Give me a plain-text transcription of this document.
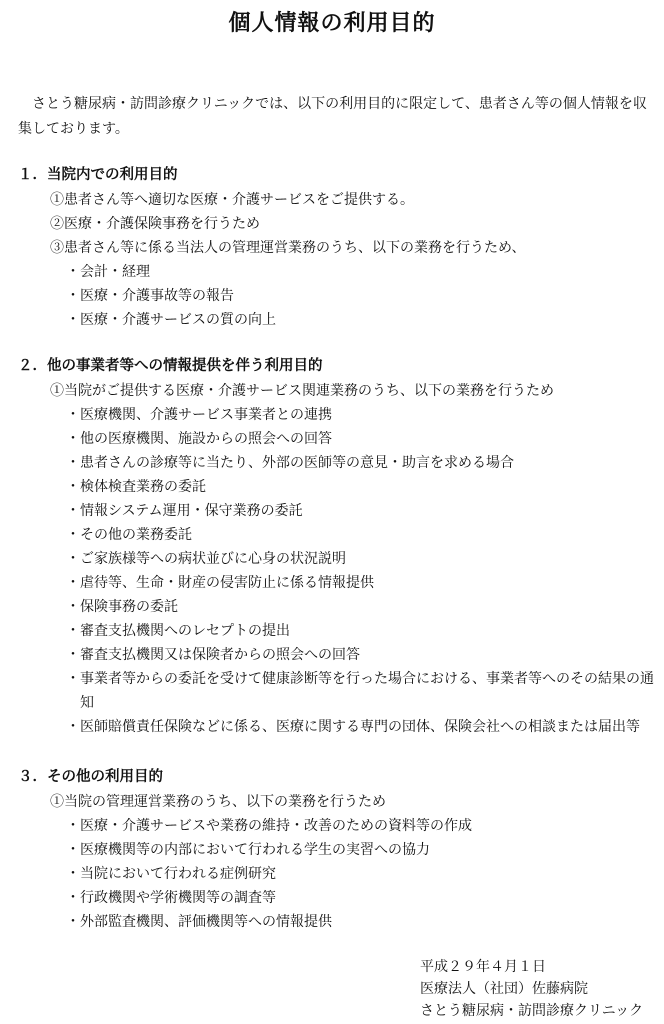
個人情報の利用目的
さとう糖尿病・訪問診療クリニックでは、以下の利用目的に限定して、患者さん等の個人情報を収集しております。
１．当院内での利用目的
①患者さん等へ適切な医療・介護サービスをご提供する。
②医療・介護保険事務を行うため
③患者さん等に係る当法人の管理運営業務のうち、以下の業務を行うため、
・ 会計・経理
・ 医療・介護事故等の報告
・ 医療・介護サービスの質の向上
２．他の事業者等への情報提供を伴う利用目的
①当院がご提供する医療・介護サービス関連業務のうち、以下の業務を行うため
・ 医療機関、介護サービス事業者との連携
・ 他の医療機関、施設からの照会への回答
・ 患者さんの診療等に当たり、外部の医師等の意見・助言を求める場合
・ 検体検査業務の委託
・ 情報システム運用・保守業務の委託
・ その他の業務委託
・ ご家族様等への病状並びに心身の状況説明
・ 虐待等、生命・財産の侵害防止に係る情報提供
・ 保険事務の委託
・ 審査支払機関へのレセプトの提出
・ 審査支払機関又は保険者からの照会への回答
・ 事業者等からの委託を受けて健康診断等を行った場合における、事業者等へのその結果の通知
・ 医師賠償責任保険などに係る、医療に関する専門の団体、保険会社への相談または届出等
３．その他の利用目的
①当院の管理運営業務のうち、以下の業務を行うため
・ 医療・介護サービスや業務の維持・改善のための資料等の作成
・ 医療機関等の内部において行われる学生の実習への協力
・ 当院において行われる症例研究
・ 行政機関や学術機関等の調査等
・ 外部監査機関、評価機関等への情報提供
平成２９年４月１日
医療法人（社団）佐藤病院
さとう糖尿病・訪問診療クリニック
